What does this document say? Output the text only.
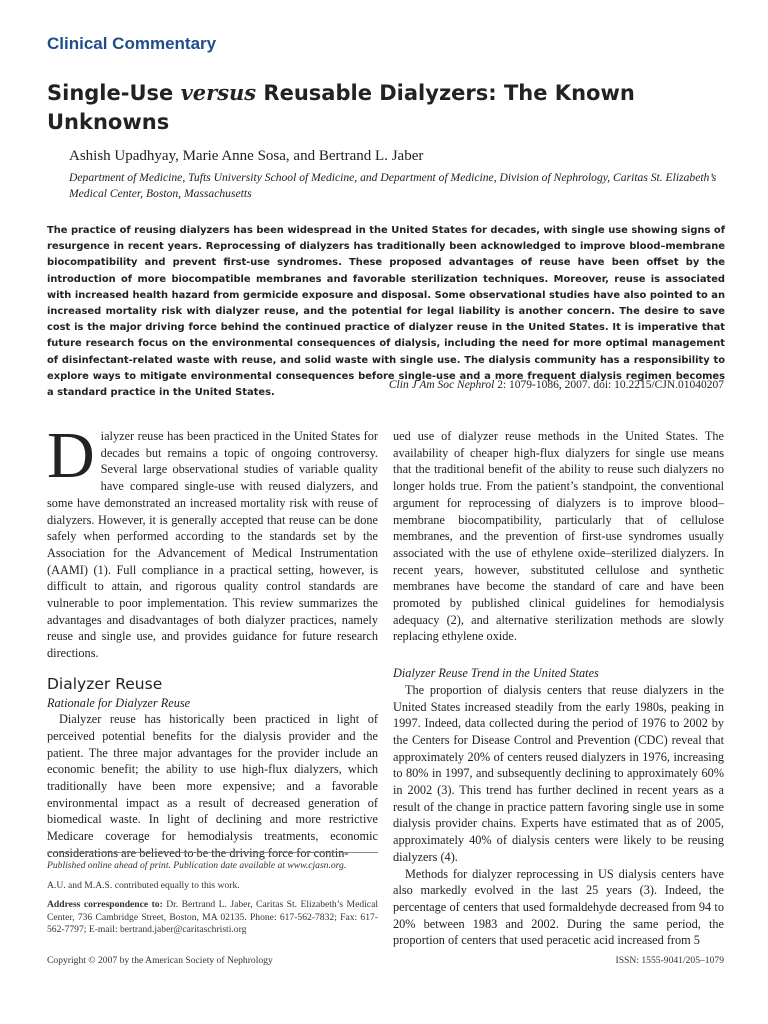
Clinical Commentary
Single-Use versus Reusable Dialyzers: The Known Unknowns
Ashish Upadhyay, Marie Anne Sosa, and Bertrand L. Jaber
Department of Medicine, Tufts University School of Medicine, and Department of Medicine, Division of Nephrology, Caritas St. Elizabeth’s Medical Center, Boston, Massachusetts

The practice of reusing dialyzers has been widespread in the United States for decades, with single use showing signs of resurgence in recent years. Reprocessing of dialyzers has traditionally been acknowledged to improve blood–membrane biocompatibility and prevent first-use syndromes. These proposed advantages of reuse have been offset by the introduction of more biocompatible membranes and favorable sterilization techniques. Moreover, reuse is associated with increased health hazard from germicide exposure and disposal. Some observational studies have also pointed to an increased mortality risk with dialyzer reuse, and the potential for legal liability is another concern. The desire to save cost is the major driving force behind the continued practice of dialyzer reuse in the United States. It is imperative that future research focus on the environmental consequences of dialysis, including the need for more optimal management of disinfectant-related waste with reuse, and solid waste with single use. The dialysis community has a responsibility to explore ways to mitigate environmental consequences before single-use and a more frequent dialysis regimen becomes a standard practice in the United States.

Clin J Am Soc Nephrol 2: 1079-1086, 2007. doi: 10.2215/CJN.01040207

Dialyzer reuse has been practiced in the United States for decades but remains a topic of ongoing controversy. Several large observational studies of variable quality have compared single-use with reused dialyzers, and some have demonstrated an increased mortality risk with reuse of dialyzers. However, it is generally accepted that reuse can be done safely when performed according to the standards set by the Association for the Advancement of Medical Instrumentation (AAMI) (1). Full compliance in a practical setting, however, is difficult to attain, and rigorous quality control standards are vulnerable to poor implementation. This review summarizes the advantages and disadvantages of both dialyzer practices, namely reuse and single use, and provides guidance for future research directions.

Dialyzer Reuse

Rationale for Dialyzer Reuse

Dialyzer reuse has historically been practiced in light of perceived potential benefits for the dialysis provider and the patient. The three major advantages for the provider include an economic benefit; the ability to use high-flux dialyzers, which traditionally have been more expensive; and a favorable environmental impact as a result of decreased generation of biomedical waste. In light of declining and more restrictive Medicare coverage for hemodialysis treatments, economic considerations are believed to be the driving force for contin-

ued use of dialyzer reuse methods in the United States. The availability of cheaper high-flux dialyzers for single use means that the traditional benefit of the ability to reuse such dialyzers no longer holds true. From the patient’s standpoint, the conventional argument for reprocessing of dialyzers is to improve blood–membrane biocompatibility, particularly that of cellulose membranes, and the prevention of first-use syndromes usually associated with the use of ethylene oxide–sterilized dialyzers. In recent years, however, substituted cellulose and synthetic membranes have become the standard of care and have been promoted by published clinical guidelines for hemodialysis adequacy (2), and alternative sterilization methods are slowly replacing ethylene oxide.

Dialyzer Reuse Trend in the United States

The proportion of dialysis centers that reuse dialyzers in the United States increased steadily from the early 1980s, peaking in 1997. Indeed, data collected during the period of 1976 to 2002 by the Centers for Disease Control and Prevention (CDC) reveal that approximately 20% of centers reused dialyzers in 1976, increasing to 80% in 1997, and subsequently declining to approximately 60% in 2002 (3). This trend has further declined in recent years as a result of the change in practice pattern favoring single use in some dialysis provider chains. Experts have estimated that as of 2005, approximately 40% of dialysis centers were likely to be reusing dialyzers (4).

Methods for dialyzer reprocessing in US dialysis centers have also markedly evolved in the last 25 years (3). Indeed, the percentage of centers that used formaldehyde decreased from 94 to 20% between 1983 and 2002. During the same period, the proportion of centers that used peracetic acid increased from 5

Published online ahead of print. Publication date available at www.cjasn.org.

A.U. and M.A.S. contributed equally to this work.

Address correspondence to: Dr. Bertrand L. Jaber, Caritas St. Elizabeth’s Medical Center, 736 Cambridge Street, Boston, MA 02135. Phone: 617-562-7832; Fax: 617-562-7797; E-mail: bertrand.jaber@caritaschristi.org

Copyright © 2007 by the American Society of Nephrology	ISSN: 1555-9041/205–1079
